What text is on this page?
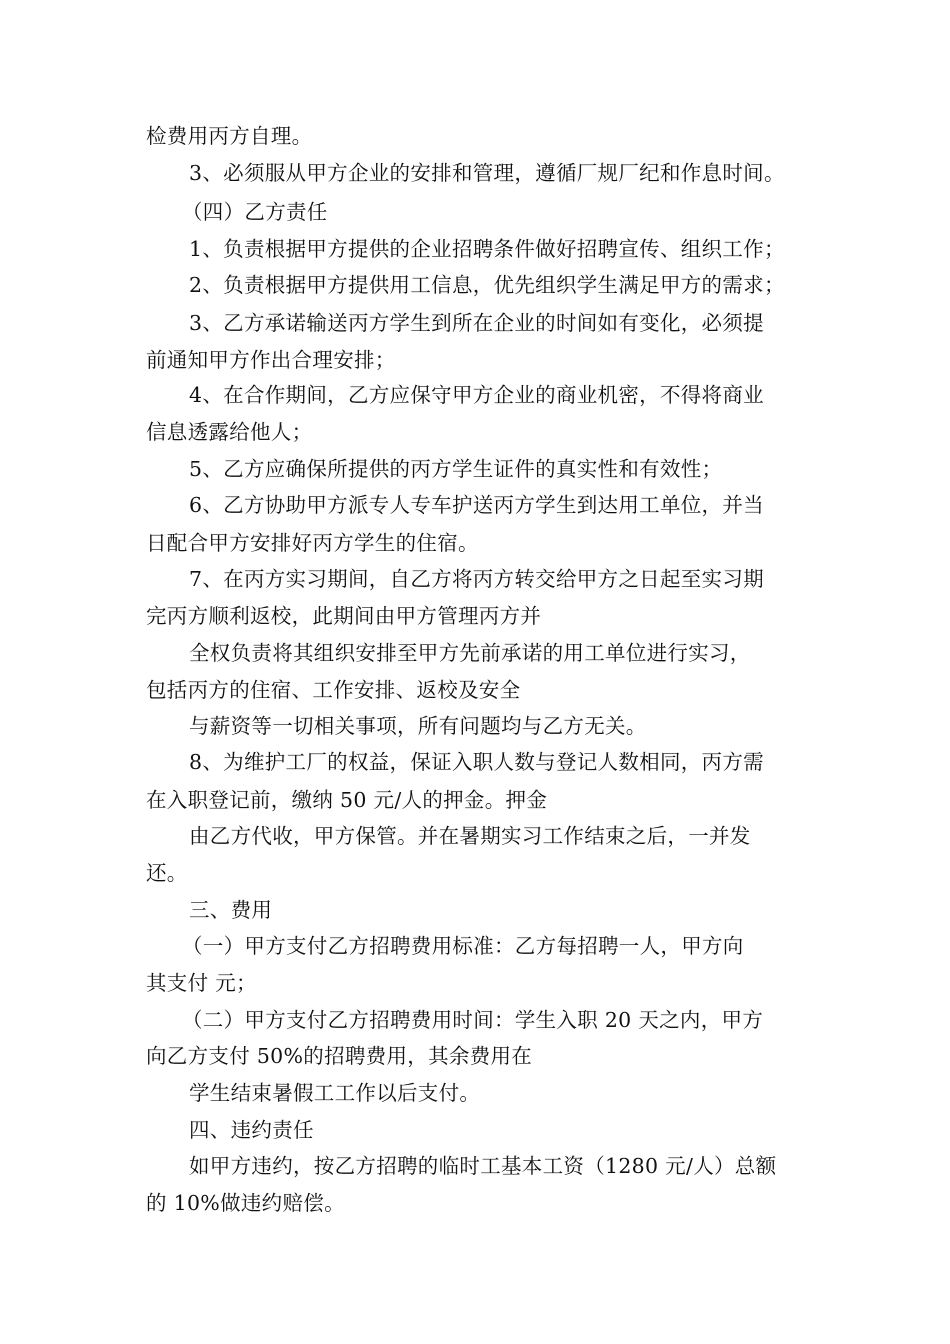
检费用丙方自理。
3、必须服从甲方企业的安排和管理，遵循厂规厂纪和作息时间。
（四）乙方责任
1、负责根据甲方提供的企业招聘条件做好招聘宣传、组织工作；
2、负责根据甲方提供用工信息，优先组织学生满足甲方的需求；
3、乙方承诺输送丙方学生到所在企业的时间如有变化，必须提
前通知甲方作出合理安排；
4、在合作期间，乙方应保守甲方企业的商业机密，不得将商业
信息透露给他人；
5、乙方应确保所提供的丙方学生证件的真实性和有效性；
6、乙方协助甲方派专人专车护送丙方学生到达用工单位，并当
日配合甲方安排好丙方学生的住宿。
7、在丙方实习期间，自乙方将丙方转交给甲方之日起至实习期
完丙方顺利返校，此期间由甲方管理丙方并
全权负责将其组织安排至甲方先前承诺的用工单位进行实习，
包括丙方的住宿、工作安排、返校及安全
与薪资等一切相关事项，所有问题均与乙方无关。
8、为维护工厂的权益，保证入职人数与登记人数相同，丙方需
在入职登记前，缴纳 50 元/人的押金。押金
由乙方代收，甲方保管。并在暑期实习工作结束之后，一并发
还。
三、费用
（一）甲方支付乙方招聘费用标准：乙方每招聘一人，甲方向
其支付 元；
（二）甲方支付乙方招聘费用时间：学生入职 20 天之内，甲方
向乙方支付 50%的招聘费用，其余费用在
学生结束暑假工工作以后支付。
四、违约责任
如甲方违约，按乙方招聘的临时工基本工资（1280 元/人）总额
的 10%做违约赔偿。
